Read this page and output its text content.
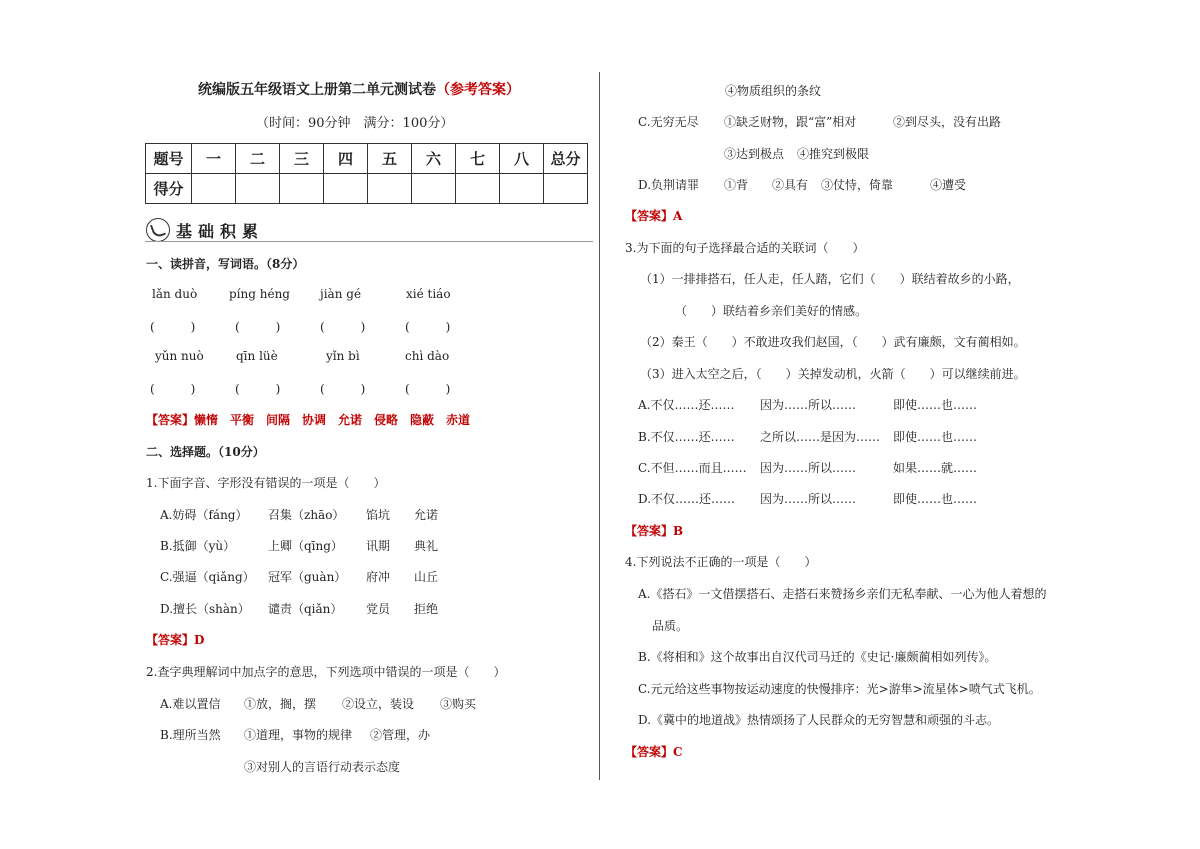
统编版五年级语文上册第二单元测试卷（参考答案）
（时间：90分钟　满分：100分）
题号	一	二	三	四	五	六	七	八	总分
得分									
基础积累
一、读拼音，写词语。（8分）
lǎn duò	píng héng	jiàn gé	xié tiáo
(　　　)	(　　　)	(　　　)	(　　　)
yǔn nuò	qīn lüè	yǐn bì	chì dào
(　　　)	(　　　)	(　　　)	(　　　)
【答案】懒惰　平衡　间隔　协调　允诺　侵略　隐蔽　赤道
二、选择题。（10分）
1.下面字音、字形没有错误的一项是（　　）
A.妨碍（fáng） 召集（zhāo） 馅坑 允诺
B.抵御（yù）	上卿（qīng） 讯期 典礼
C.强逼（qiǎng） 冠军（guàn） 府冲 山丘
D.擅长（shàn） 谴责（qiǎn） 党员 拒绝
【答案】D
2.查字典理解词中加点字的意思，下列选项中错误的一项是（　　）
A.难以置信 ①放，搁，摆 ②设立，装设 ③购买
B.理所当然 ①道理，事物的规律 ②管理，办
③对别人的言语行动表示态度
④物质组织的条纹
C.无穷无尽 ①缺乏财物，跟“富”相对	②到尽头，没有出路
③达到极点 ④推究到极限
D.负荆请罪 ①背 ②具有 ③仗恃，倚靠	④遭受
【答案】A
3.为下面的句子选择最合适的关联词（　　）
（1）一排排搭石，任人走，任人踏，它们（　　）联结着故乡的小路，
（　　）联结着乡亲们美好的情感。
（2）秦王（　　）不敢进攻我们赵国，（　　）武有廉颇，文有蔺相如。
（3）进入太空之后，（　　）关掉发动机，火箭（　　）可以继续前进。
A.不仅……还…… 因为……所以……	即使……也……
B.不仅……还…… 之所以……是因为…… 即使……也……
C.不但……而且…… 因为……所以……	如果……就……
D.不仅……还…… 因为……所以……	即使……也……
【答案】B
4.下列说法不正确的一项是（　　）
A.《搭石》一文借摆搭石、走搭石来赞扬乡亲们无私奉献、一心为他人着想的
品质。
B.《将相和》这个故事出自汉代司马迁的《史记·廉颇蔺相如列传》。
C.元元给这些事物按运动速度的快慢排序：光>游隼>流星体>喷气式飞机。
D.《冀中的地道战》热情颂扬了人民群众的无穷智慧和顽强的斗志。
【答案】C
